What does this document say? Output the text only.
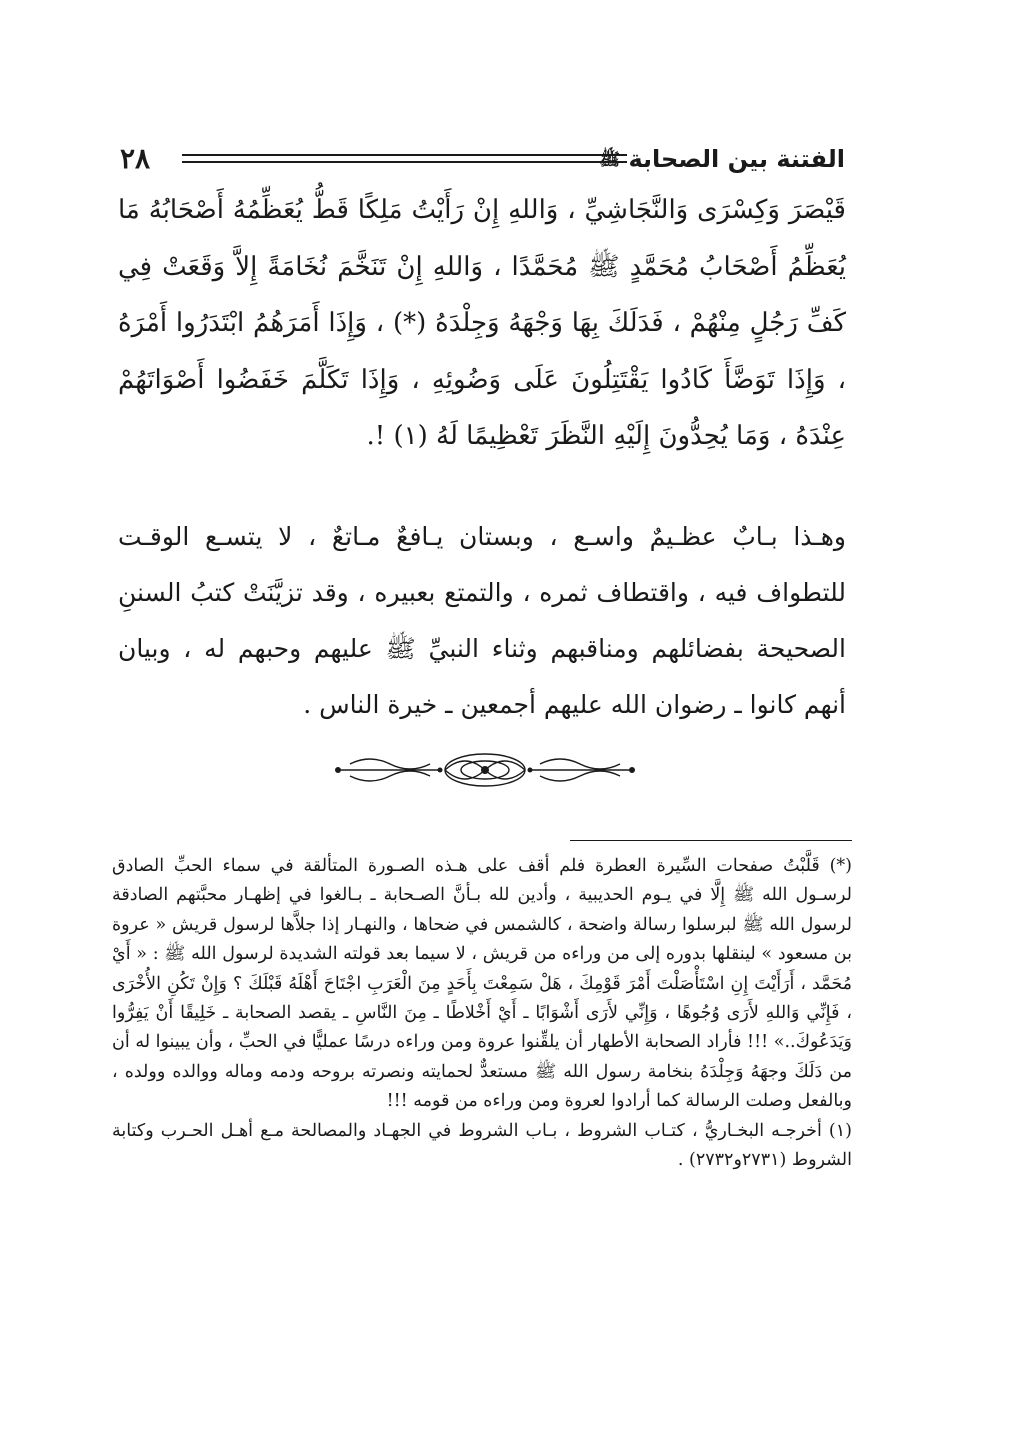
٢٨	الفتنة بين الصحابة ﷺ
قَيْصَرَ وَكِسْرَى وَالنَّجَاشِيِّ ، وَاللهِ إِنْ رَأَيْتُ مَلِكًا قَطُّ يُعَظِّمُهُ أَصْحَابُهُ مَا يُعَظِّمُ أَصْحَابُ مُحَمَّدٍ ﷺ مُحَمَّدًا ، وَاللهِ إِنْ تَنَخَّمَ نُخَامَةً إِلاَّ وَقَعَتْ فِي كَفِّ رَجُلٍ مِنْهُمْ ، فَدَلَكَ بِهَا وَجْهَهُ وَجِلْدَهُ (*) ، وَإِذَا أَمَرَهُمُ ابْتَدَرُوا أَمْرَهُ ، وَإِذَا تَوَضَّأَ كَادُوا يَقْتَتِلُونَ عَلَى وَضُوئِهِ ، وَإِذَا تَكَلَّمَ خَفَضُوا أَصْوَاتَهُمْ عِنْدَهُ ، وَمَا يُحِدُّونَ إِلَيْهِ النَّظَرَ تَعْظِيمًا لَهُ (١) !.
وهـذا بـابٌ عظـيمٌ واسـع ، وبستان يـافعٌ مـاتعٌ ، لا يتسـع الوقـت للتطواف فيه ، واقتطاف ثمره ، والتمتع بعبيره ، وقد تزيَّنَتْ كتبُ السننِ الصحيحة بفضائلهم ومناقبهم وثناء النبيِّ ﷺ عليهم وحبهم له ، وبيان أنهم كانوا ـ رضوان الله عليهم أجمعين ـ خيرة الناس .

(*) قَلَّبْتُ صفحات السِّيرة العطرة فلم أقف على هـذه الصـورة المتألقة في سماء الحبِّ الصادق لرسـول الله ﷺ إِلَّا في يـوم الحديبية ، وأدين لله بـأنَّ الصـحابة ـ بـالغوا في إظهـار محبَّتهم الصادقة لرسول الله ﷺ لبرسلوا رسالة واضحة ، كالشمس في ضحاها ، والنهـار إذا جلاَّها لرسول قريش « عروة بن مسعود » لينقلها بدوره إلى من وراءه من قريش ، لا سيما بعد قولته الشديدة لرسول الله ﷺ : « أَيْ مُحَمَّد ، أَرَأَيْتَ إِنِ اسْتَأْصَلْتَ أَمْرَ قَوْمِكَ ، هَلْ سَمِعْتَ بِأَحَدٍ مِنَ الْعَرَبِ اجْتَاحَ أَهْلَهُ قَبْلَكَ ؟ وَإِنْ تَكُنِ الأُخْرَى ، فَإِنِّي وَاللهِ لأَرَى وُجُوهًا ، وَإِنِّي لأَرَى أَشْوَابًا ـ أَيْ أَخْلاطًا ـ مِنَ النَّاسِ ـ يقصد الصحابة ـ خَلِيقًا أَنْ يَفِرُّوا وَيَدَعُوكَ..» !!! فأراد الصحابة الأطهار أن يلقِّنوا عروة ومن وراءه درسًا عمليًّا في الحبِّ ، وأن يبينوا له أن من دَلَكَ وجهَهُ وَجِلْدَهُ بنخامة رسول الله ﷺ مستعدٌّ لحمايته ونصرته بروحه ودمه وماله ووالده وولده ، وبالفعل وصلت الرسالة كما أرادوا لعروة ومن وراءه من قومه !!!

(١) أخرجـه البخـاريُّ ، كتـاب الشروط ، بـاب الشروط في الجهـاد والمصالحة مـع أهـل الحـرب وكتابة الشروط (٢٧٣١و٢٧٣٢) .
